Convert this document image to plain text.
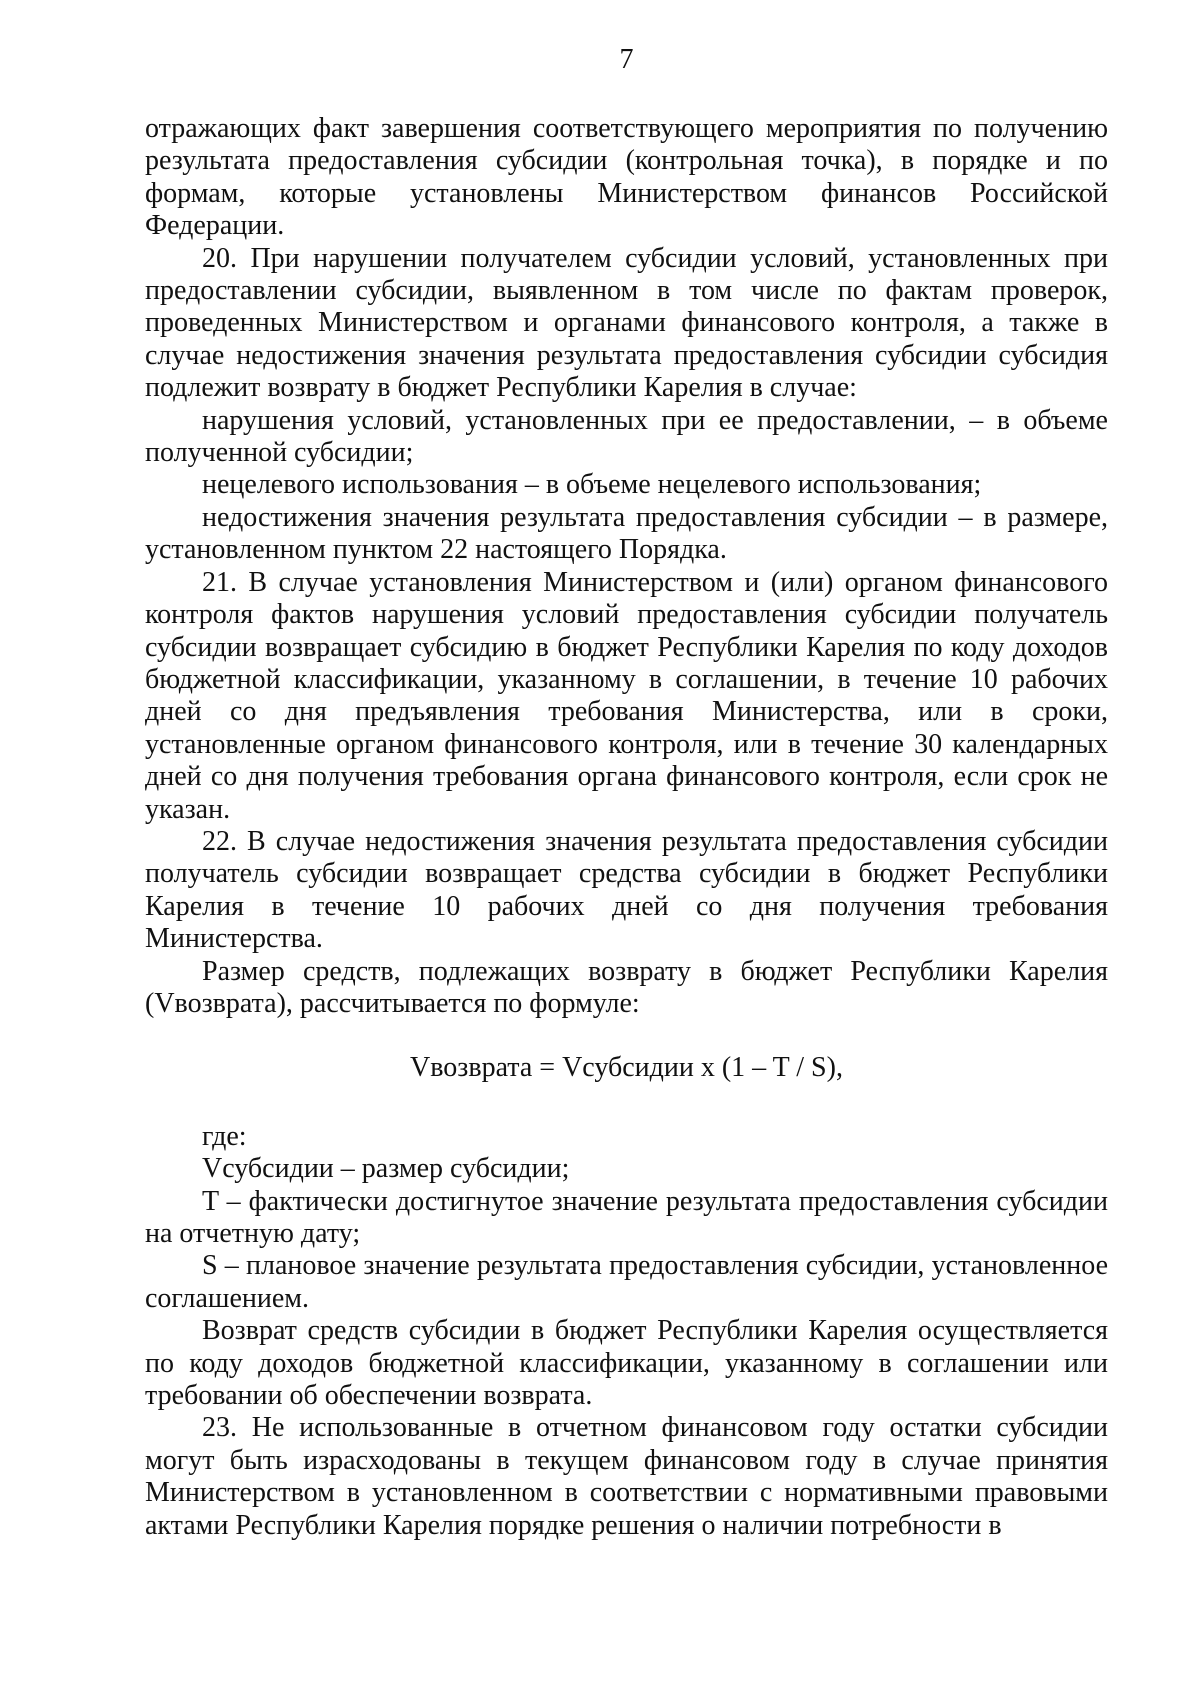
7

отражающих факт завершения соответствующего мероприятия по получению результата предоставления субсидии (контрольная точка), в порядке и по формам, которые установлены Министерством финансов Российской Федерации.

20. При нарушении получателем субсидии условий, установленных при предоставлении субсидии, выявленном в том числе по фактам проверок, проведенных Министерством и органами финансового контроля, а также в случае недостижения значения результата предоставления субсидии субсидия подлежит возврату в бюджет Республики Карелия в случае:

нарушения условий, установленных при ее предоставлении, – в объеме полученной субсидии;

нецелевого использования – в объеме нецелевого использования;

недостижения значения результата предоставления субсидии – в размере, установленном пунктом 22 настоящего Порядка.

21. В случае установления Министерством и (или) органом финансового контроля фактов нарушения условий предоставления субсидии получатель субсидии возвращает субсидию в бюджет Республики Карелия по коду доходов бюджетной классификации, указанному в соглашении, в течение 10 рабочих дней со дня предъявления требования Министерства, или в сроки, установленные органом финансового контроля, или в течение 30 календарных дней со дня получения требования органа финансового контроля, если срок не указан.

22. В случае недостижения значения результата предоставления субсидии получатель субсидии возвращает средства субсидии в бюджет Республики Карелия в течение 10 рабочих дней со дня получения требования Министерства.

Размер средств, подлежащих возврату в бюджет Республики Карелия (Vвозврата), рассчитывается по формуле:

Vвозврата = Vсубсидии x (1 – T / S),

где:

Vсубсидии – размер субсидии;

T – фактически достигнутое значение результата предоставления субсидии на отчетную дату;

S – плановое значение результата предоставления субсидии, установленное соглашением.

Возврат средств субсидии в бюджет Республики Карелия осуществляется по коду доходов бюджетной классификации, указанному в соглашении или требовании об обеспечении возврата.

23. Не использованные в отчетном финансовом году остатки субсидии могут быть израсходованы в текущем финансовом году в случае принятия Министерством в установленном в соответствии с нормативными правовыми актами Республики Карелия порядке решения о наличии потребности в
